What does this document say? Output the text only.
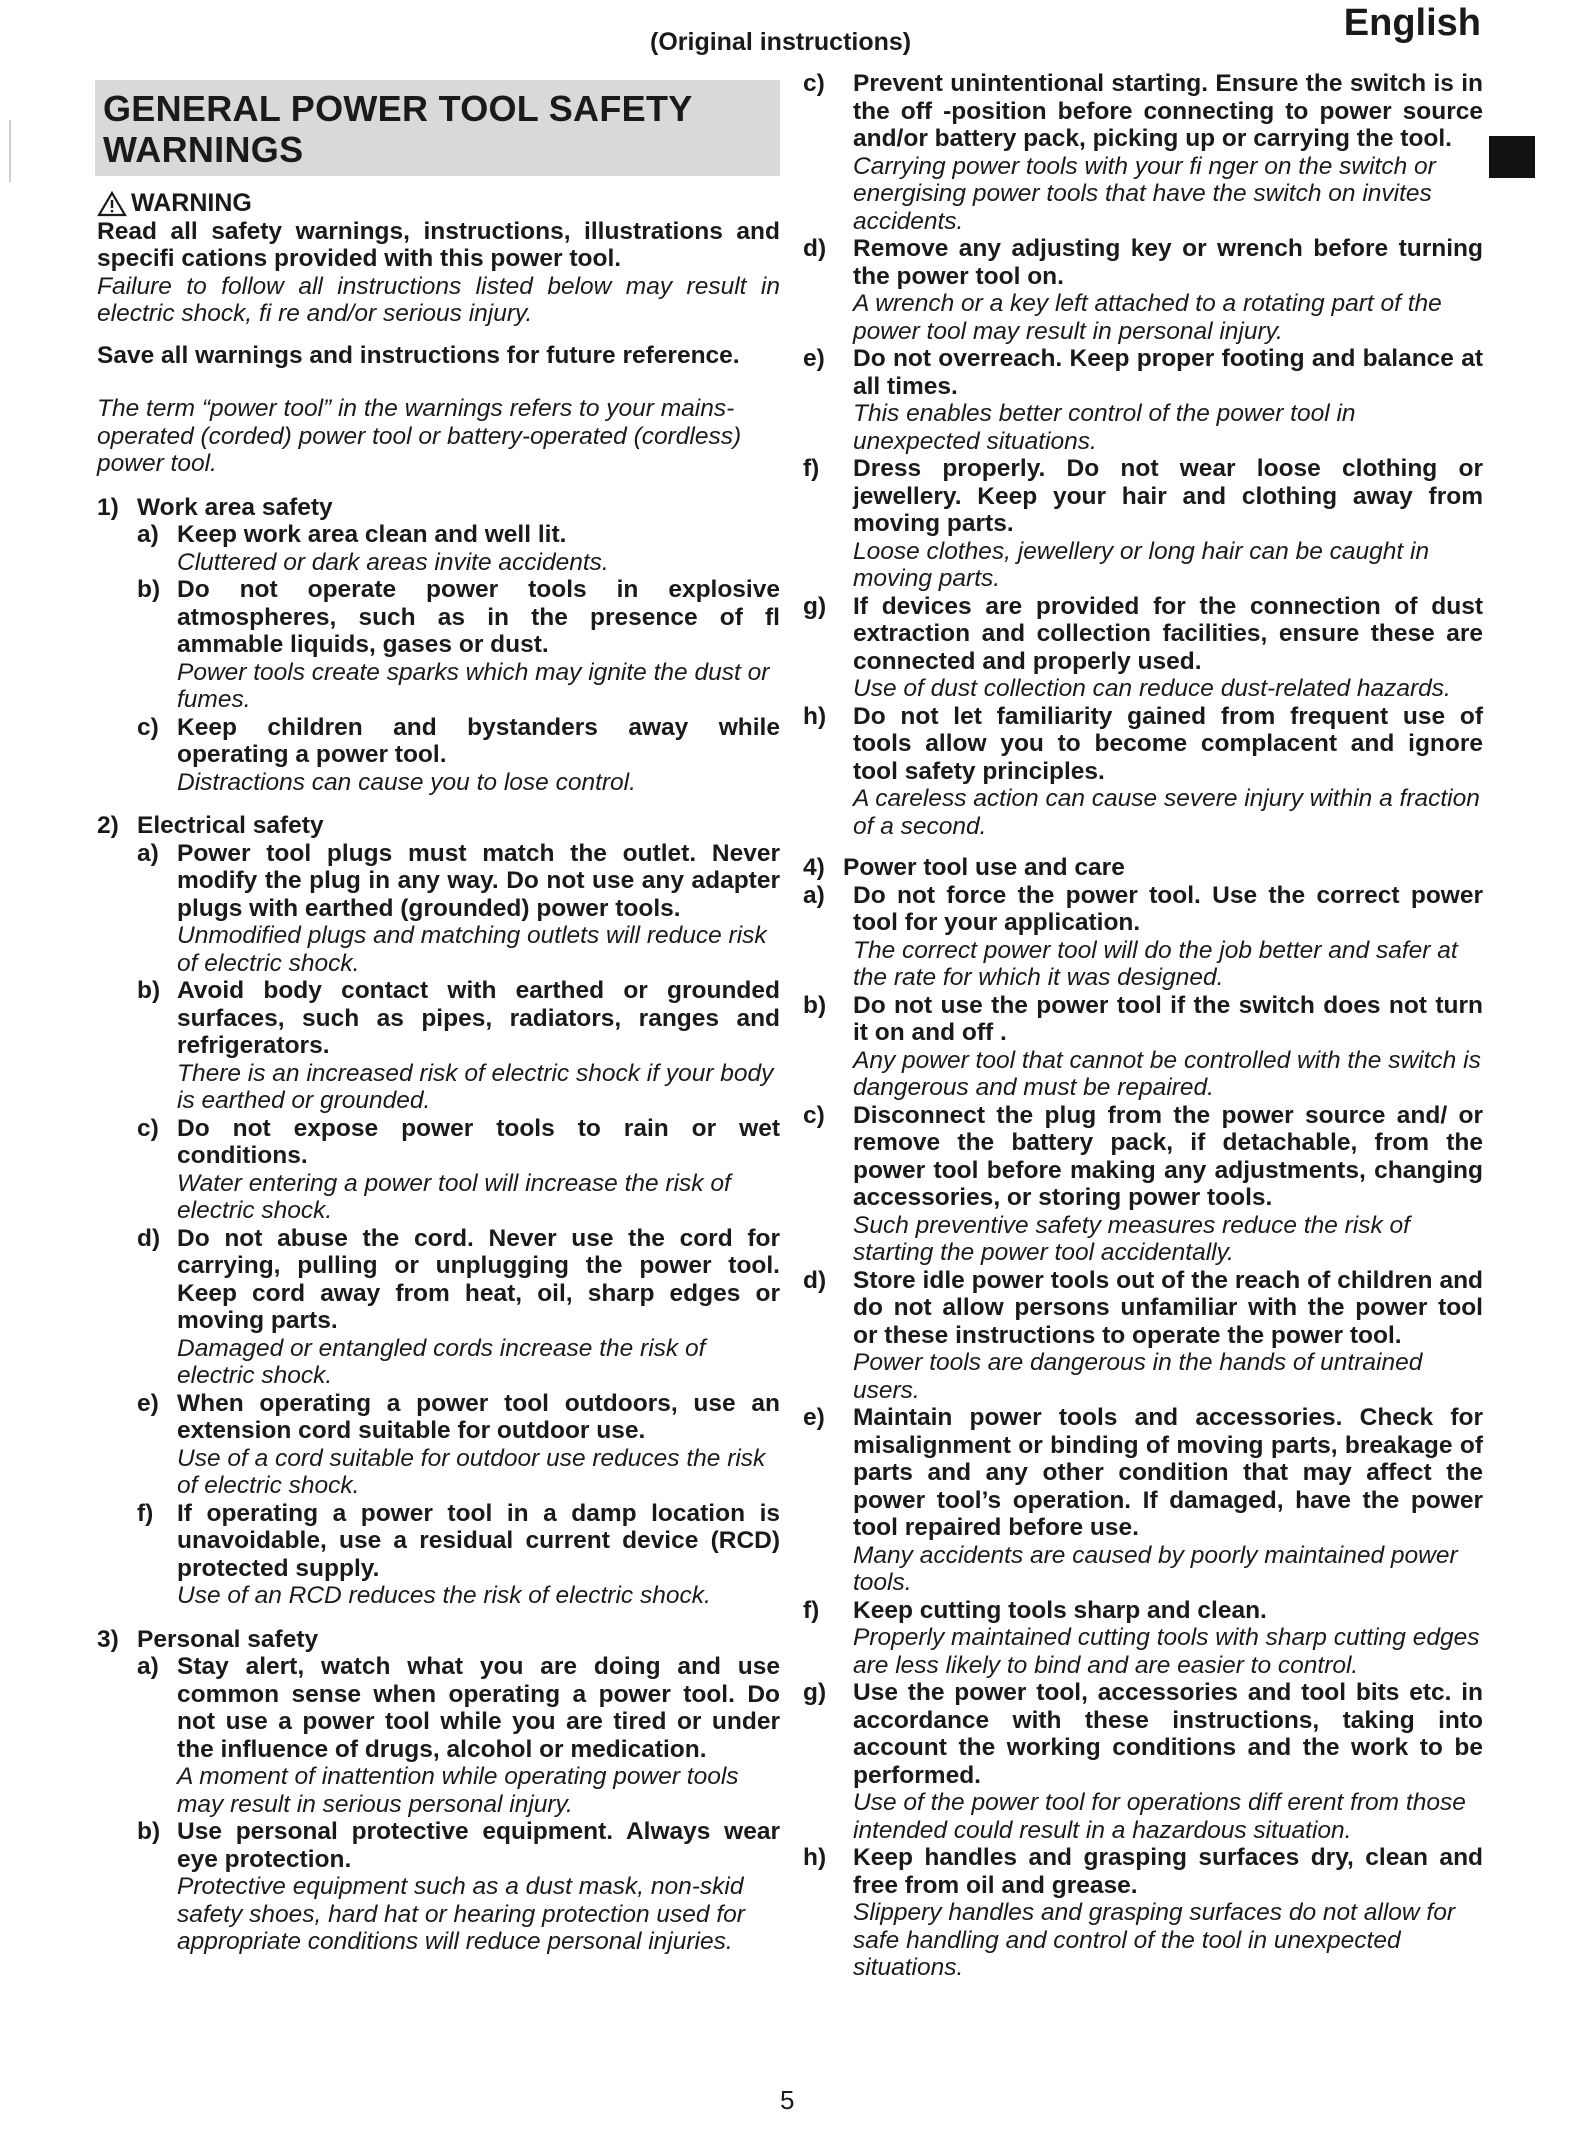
(Original instructions)	English
GENERAL POWER TOOL SAFETY WARNINGS
WARNING
Read all safety warnings, instructions, illustrations and specifi cations provided with this power tool.
Failure to follow all instructions listed below may result in electric shock, fi re and/or serious injury.
Save all warnings and instructions for future reference.
The term “power tool” in the warnings refers to your mains-operated (corded) power tool or battery-operated (cordless) power tool.
1) Work area safety
a) Keep work area clean and well lit.
Cluttered or dark areas invite accidents.
b) Do not operate power tools in explosive atmospheres, such as in the presence of fl ammable liquids, gases or dust.
Power tools create sparks which may ignite the dust or fumes.
c) Keep children and bystanders away while operating a power tool.
Distractions can cause you to lose control.
2) Electrical safety
a) Power tool plugs must match the outlet. Never modify the plug in any way. Do not use any adapter plugs with earthed (grounded) power tools.
Unmodified plugs and matching outlets will reduce risk of electric shock.
b) Avoid body contact with earthed or grounded surfaces, such as pipes, radiators, ranges and refrigerators.
There is an increased risk of electric shock if your body is earthed or grounded.
c) Do not expose power tools to rain or wet conditions.
Water entering a power tool will increase the risk of electric shock.
d) Do not abuse the cord. Never use the cord for carrying, pulling or unplugging the power tool. Keep cord away from heat, oil, sharp edges or moving parts.
Damaged or entangled cords increase the risk of electric shock.
e) When operating a power tool outdoors, use an extension cord suitable for outdoor use.
Use of a cord suitable for outdoor use reduces the risk of electric shock.
f) If operating a power tool in a damp location is unavoidable, use a residual current device (RCD) protected supply.
Use of an RCD reduces the risk of electric shock.
3) Personal safety
a) Stay alert, watch what you are doing and use common sense when operating a power tool. Do not use a power tool while you are tired or under the influence of drugs, alcohol or medication.
A moment of inattention while operating power tools may result in serious personal injury.
b) Use personal protective equipment. Always wear eye protection.
Protective equipment such as a dust mask, non-skid safety shoes, hard hat or hearing protection used for appropriate conditions will reduce personal injuries.
c)	Prevent unintentional starting. Ensure the switch is in the off -position before connecting to power source and/or battery pack, picking up or carrying the tool.
Carrying power tools with your fi nger on the switch or energising power tools that have the switch on invites accidents.
d)	Remove any adjusting key or wrench before turning the power tool on.
A wrench or a key left attached to a rotating part of the power tool may result in personal injury.
e)	Do not overreach. Keep proper footing and balance at all times.
This enables better control of the power tool in unexpected situations.
f)	Dress properly. Do not wear loose clothing or jewellery. Keep your hair and clothing away from moving parts.
Loose clothes, jewellery or long hair can be caught in moving parts.
g)	If devices are provided for the connection of dust extraction and collection facilities, ensure these are connected and properly used.
Use of dust collection can reduce dust-related hazards.
h)	Do not let familiarity gained from frequent use of tools allow you to become complacent and ignore tool safety principles.
A careless action can cause severe injury within a fraction of a second.
4) Power tool use and care
a)	Do not force the power tool. Use the correct power tool for your application.
The correct power tool will do the job better and safer at the rate for which it was designed.
b)	Do not use the power tool if the switch does not turn it on and off .
Any power tool that cannot be controlled with the switch is dangerous and must be repaired.
c)	Disconnect the plug from the power source and/ or remove the battery pack, if detachable, from the power tool before making any adjustments, changing accessories, or storing power tools.
Such preventive safety measures reduce the risk of starting the power tool accidentally.
d)	Store idle power tools out of the reach of children and do not allow persons unfamiliar with the power tool or these instructions to operate the power tool.
Power tools are dangerous in the hands of untrained users.
e)	Maintain power tools and accessories. Check for misalignment or binding of moving parts, breakage of parts and any other condition that may affect the power tool’s operation. If damaged, have the power tool repaired before use.
Many accidents are caused by poorly maintained power tools.
f)	Keep cutting tools sharp and clean.
Properly maintained cutting tools with sharp cutting edges are less likely to bind and are easier to control.
g)	Use the power tool, accessories and tool bits etc. in accordance with these instructions, taking into account the working conditions and the work to be performed.
Use of the power tool for operations diff erent from those intended could result in a hazardous situation.
h)	Keep handles and grasping surfaces dry, clean and free from oil and grease.
Slippery handles and grasping surfaces do not allow for safe handling and control of the tool in unexpected situations.
5
